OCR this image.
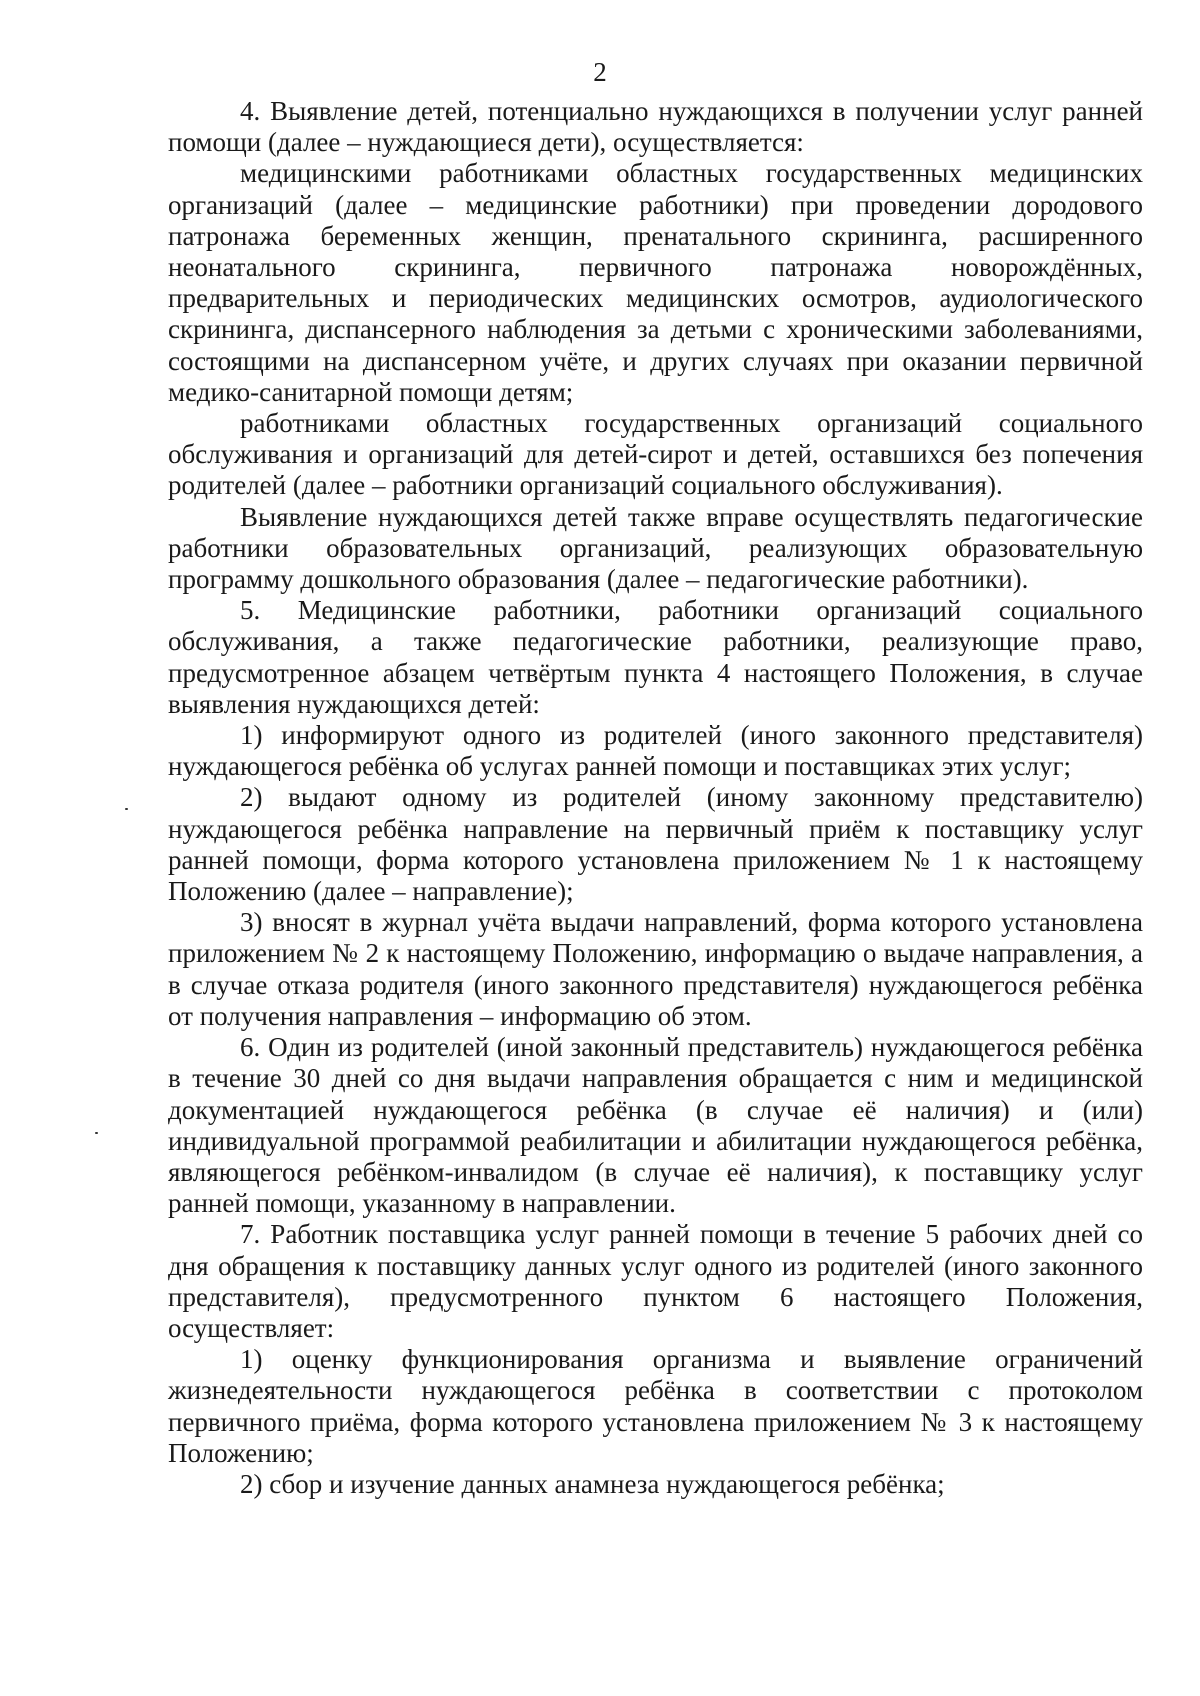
2

4. Выявление детей, потенциально нуждающихся в получении услуг ранней помощи (далее – нуждающиеся дети), осуществляется:

медицинскими работниками областных государственных медицинских организаций (далее – медицинские работники) при проведении дородового патронажа беременных женщин, пренатального скрининга, расширенного неонатального скрининга, первичного патронажа новорождённых, предварительных и периодических медицинских осмотров, аудиологического скрининга, диспансерного наблюдения за детьми с хроническими заболеваниями, состоящими на диспансерном учёте, и других случаях при оказании первичной медико-санитарной помощи детям;

работниками областных государственных организаций социального обслуживания и организаций для детей-сирот и детей, оставшихся без попечения родителей (далее – работники организаций социального обслуживания).

Выявление нуждающихся детей также вправе осуществлять педагогические работники образовательных организаций, реализующих образовательную программу дошкольного образования (далее – педагогические работники).

5. Медицинские работники, работники организаций социального обслуживания, а также педагогические работники, реализующие право, предусмотренное абзацем четвёртым пункта 4 настоящего Положения, в случае выявления нуждающихся детей:

1) информируют одного из родителей (иного законного представителя) нуждающегося ребёнка об услугах ранней помощи и поставщиках этих услуг;

2) выдают одному из родителей (иному законному представителю) нуждающегося ребёнка направление на первичный приём к поставщику услуг ранней помощи, форма которого установлена приложением № 1 к настоящему Положению (далее – направление);

3) вносят в журнал учёта выдачи направлений, форма которого установлена приложением № 2 к настоящему Положению, информацию о выдаче направления, а в случае отказа родителя (иного законного представителя) нуждающегося ребёнка от получения направления – информацию об этом.

6. Один из родителей (иной законный представитель) нуждающегося ребёнка в течение 30 дней со дня выдачи направления обращается с ним и медицинской документацией нуждающегося ребёнка (в случае её наличия) и (или) индивидуальной программой реабилитации и абилитации нуждающегося ребёнка, являющегося ребёнком-инвалидом (в случае её наличия), к поставщику услуг ранней помощи, указанному в направлении.

7. Работник поставщика услуг ранней помощи в течение 5 рабочих дней со дня обращения к поставщику данных услуг одного из родителей (иного законного представителя), предусмотренного пунктом 6 настоящего Положения, осуществляет:

1) оценку функционирования организма и выявление ограничений жизнедеятельности нуждающегося ребёнка в соответствии с протоколом первичного приёма, форма которого установлена приложением № 3 к настоящему Положению;

2) сбор и изучение данных анамнеза нуждающегося ребёнка;
